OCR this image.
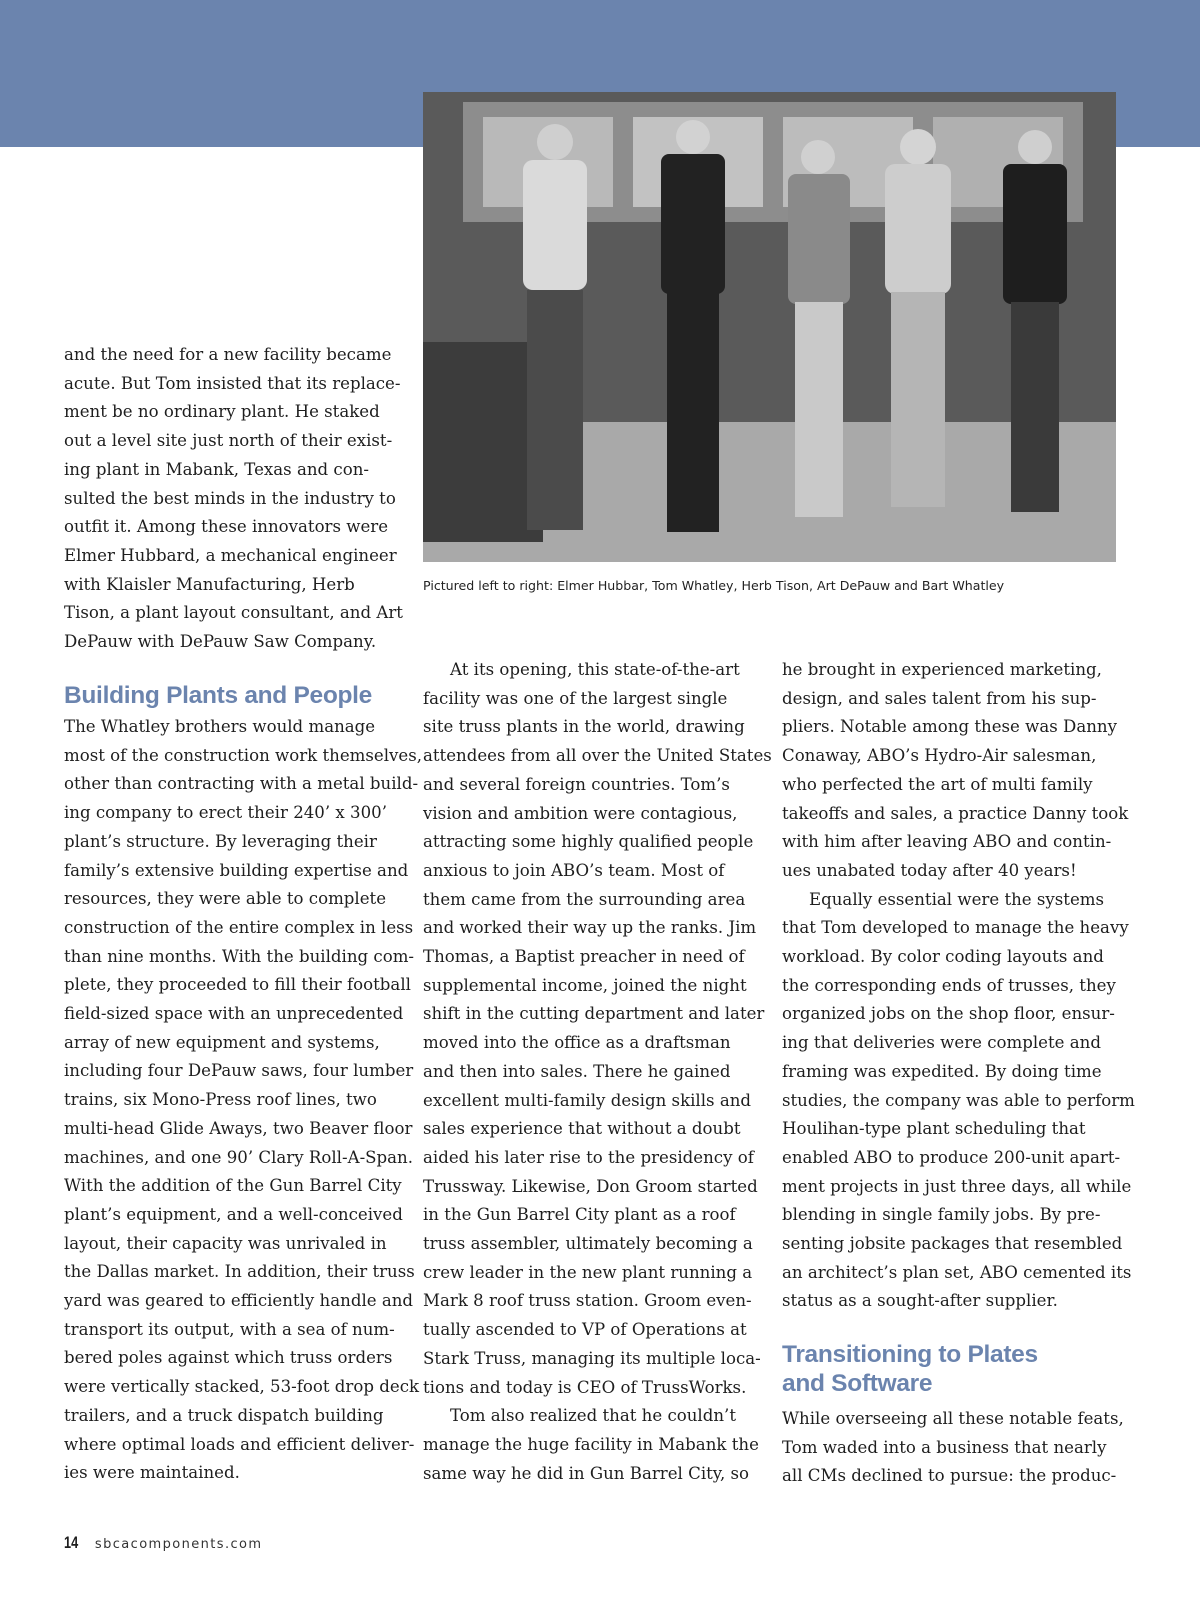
Pictured left to right: Elmer Hubbar, Tom Whatley, Herb Tison, Art DePauw and Bart Whatley

and the need for a new facility became

acute. But Tom insisted that its replace-

ment be no ordinary plant. He staked

out a level site just north of their exist-

ing plant in Mabank, Texas and con-

sulted the best minds in the industry to

outfit it. Among these innovators were

Elmer Hubbard, a mechanical engineer

with Klaisler Manufacturing, Herb

Tison, a plant layout consultant, and Art

DePauw with DePauw Saw Company.

Building Plants and People

The Whatley brothers would manage

most of the construction work themselves,

other than contracting with a metal build-

ing company to erect their 240’ x 300’

plant’s structure. By leveraging their

family’s extensive building expertise and

resources, they were able to complete

construction of the entire complex in less

than nine months. With the building com-

plete, they proceeded to fill their football

field-sized space with an unprecedented

array of new equipment and systems,

including four DePauw saws, four lumber

trains, six Mono-Press roof lines, two

multi-head Glide Aways, two Beaver floor

machines, and one 90’ Clary Roll-A-Span.

With the addition of the Gun Barrel City

plant’s equipment, and a well-conceived

layout, their capacity was unrivaled in

the Dallas market. In addition, their truss

yard was geared to efficiently handle and

transport its output, with a sea of num-

bered poles against which truss orders

were vertically stacked, 53-foot drop deck

trailers, and a truck dispatch building

where optimal loads and efficient deliver-

ies were maintained.

At its opening, this state-of-the-art

facility was one of the largest single

site truss plants in the world, drawing

attendees from all over the United States

and several foreign countries. Tom’s

vision and ambition were contagious,

attracting some highly qualified people

anxious to join ABO’s team. Most of

them came from the surrounding area

and worked their way up the ranks. Jim

Thomas, a Baptist preacher in need of

supplemental income, joined the night

shift in the cutting department and later

moved into the office as a draftsman

and then into sales. There he gained

excellent multi-family design skills and

sales experience that without a doubt

aided his later rise to the presidency of

Trussway. Likewise, Don Groom started

in the Gun Barrel City plant as a roof

truss assembler, ultimately becoming a

crew leader in the new plant running a

Mark 8 roof truss station. Groom even-

tually ascended to VP of Operations at

Stark Truss, managing its multiple loca-

tions and today is CEO of TrussWorks.

Tom also realized that he couldn’t

manage the huge facility in Mabank the

same way he did in Gun Barrel City, so

he brought in experienced marketing,

design, and sales talent from his sup-

pliers. Notable among these was Danny

Conaway, ABO’s Hydro-Air salesman,

who perfected the art of multi family

takeoffs and sales, a practice Danny took

with him after leaving ABO and contin-

ues unabated today after 40 years!

Equally essential were the systems

that Tom developed to manage the heavy

workload. By color coding layouts and

the corresponding ends of trusses, they

organized jobs on the shop floor, ensur-

ing that deliveries were complete and

framing was expedited. By doing time

studies, the company was able to perform

Houlihan-type plant scheduling that

enabled ABO to produce 200-unit apart-

ment projects in just three days, all while

blending in single family jobs. By pre-

senting jobsite packages that resembled

an architect’s plan set, ABO cemented its

status as a sought-after supplier.

Transitioning to Plates
and Software

While overseeing all these notable feats,

Tom waded into a business that nearly

all CMs declined to pursue: the produc-

14 sbcacomponents.com
